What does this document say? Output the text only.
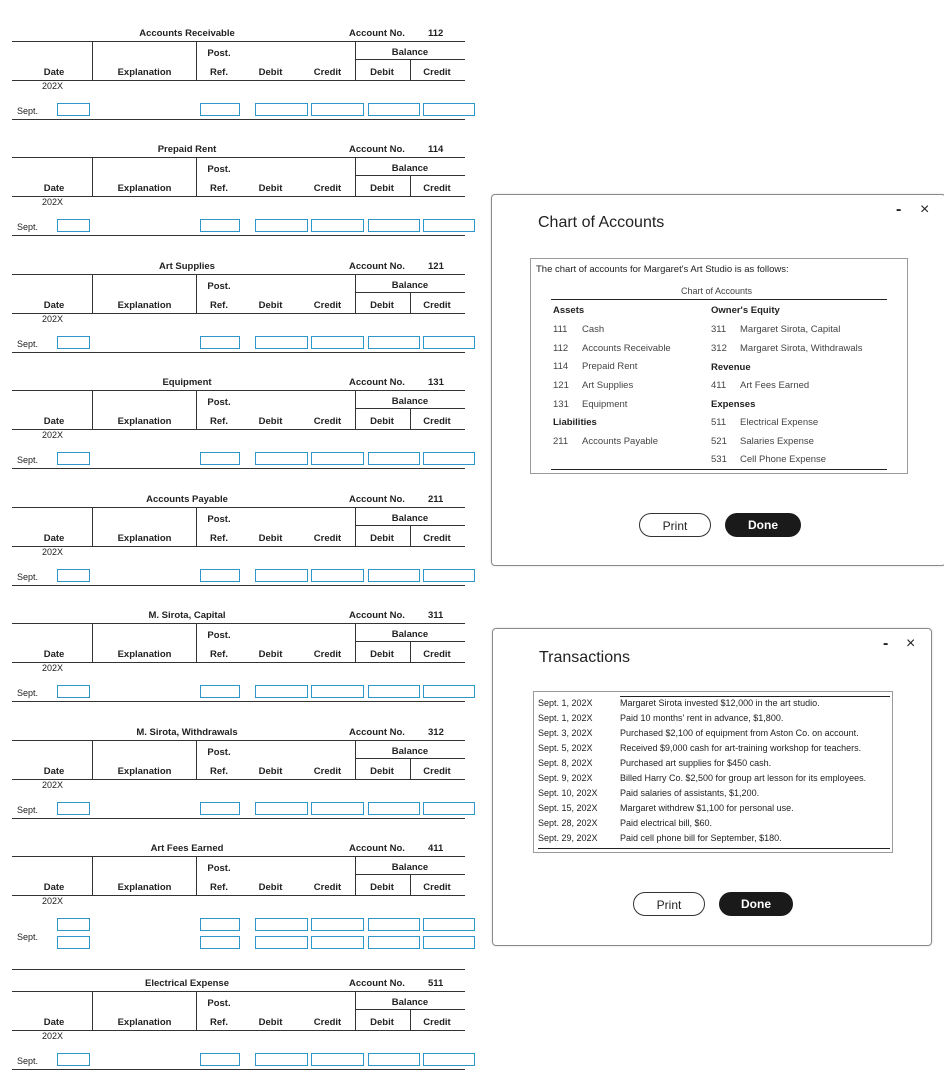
Accounts Receivable	Account No. 112
Balance
Post.
Date	Explanation	Ref.	Debit	Credit	Debit	Credit
202X
Sept.
Prepaid Rent	Account No. 114
Balance
Post.
Date	Explanation	Ref.	Debit	Credit	Debit	Credit
202X
Sept.
Art Supplies	Account No. 121
Balance
Post.
Date	Explanation	Ref.	Debit	Credit	Debit	Credit
202X
Sept.
Equipment	Account No. 131
Balance
Post.
Date	Explanation	Ref.	Debit	Credit	Debit	Credit
202X
Sept.
Accounts Payable	Account No. 211
Balance
Post.
Date	Explanation	Ref.	Debit	Credit	Debit	Credit
202X
Sept.
M. Sirota, Capital	Account No. 311
Balance
Post.
Date	Explanation	Ref.	Debit	Credit	Debit	Credit
202X
Sept.
M. Sirota, Withdrawals	Account No. 312
Balance
Post.
Date	Explanation	Ref.	Debit	Credit	Debit	Credit
202X
Sept.
Art Fees Earned	Account No. 411
Balance
Post.
Date	Explanation	Ref.	Debit	Credit	Debit	Credit
202X
Sept.
Electrical Expense	Account No. 511
Balance
Post.
Date	Explanation	Ref.	Debit	Credit	Debit	Credit
202X
Sept.
Chart of Accounts
- ×
The chart of accounts for Margaret's Art Studio is as follows:
Chart of Accounts
Assets
111 Cash
112 Accounts Receivable
114 Prepaid Rent
121 Art Supplies
131 Equipment
Liabilities
211 Accounts Payable
Owner's Equity
311 Margaret Sirota, Capital
312 Margaret Sirota, Withdrawals
Revenue
411 Art Fees Earned
Expenses
511 Electrical Expense
521 Salaries Expense
531 Cell Phone Expense
Print	Done
Transactions
- ×
Sept. 1, 202X	Margaret Sirota invested $12,000 in the art studio.
Sept. 1, 202X	Paid 10 months' rent in advance, $1,800.
Sept. 3, 202X	Purchased $2,100 of equipment from Aston Co. on account.
Sept. 5, 202X	Received $9,000 cash for art-training workshop for teachers.
Sept. 8, 202X	Purchased art supplies for $450 cash.
Sept. 9, 202X	Billed Harry Co. $2,500 for group art lesson for its employees.
Sept. 10, 202X Paid salaries of assistants, $1,200.
Sept. 15, 202X Margaret withdrew $1,100 for personal use.
Sept. 28, 202X Paid electrical bill, $60.
Sept. 29, 202X Paid cell phone bill for September, $180.
Print	Done
